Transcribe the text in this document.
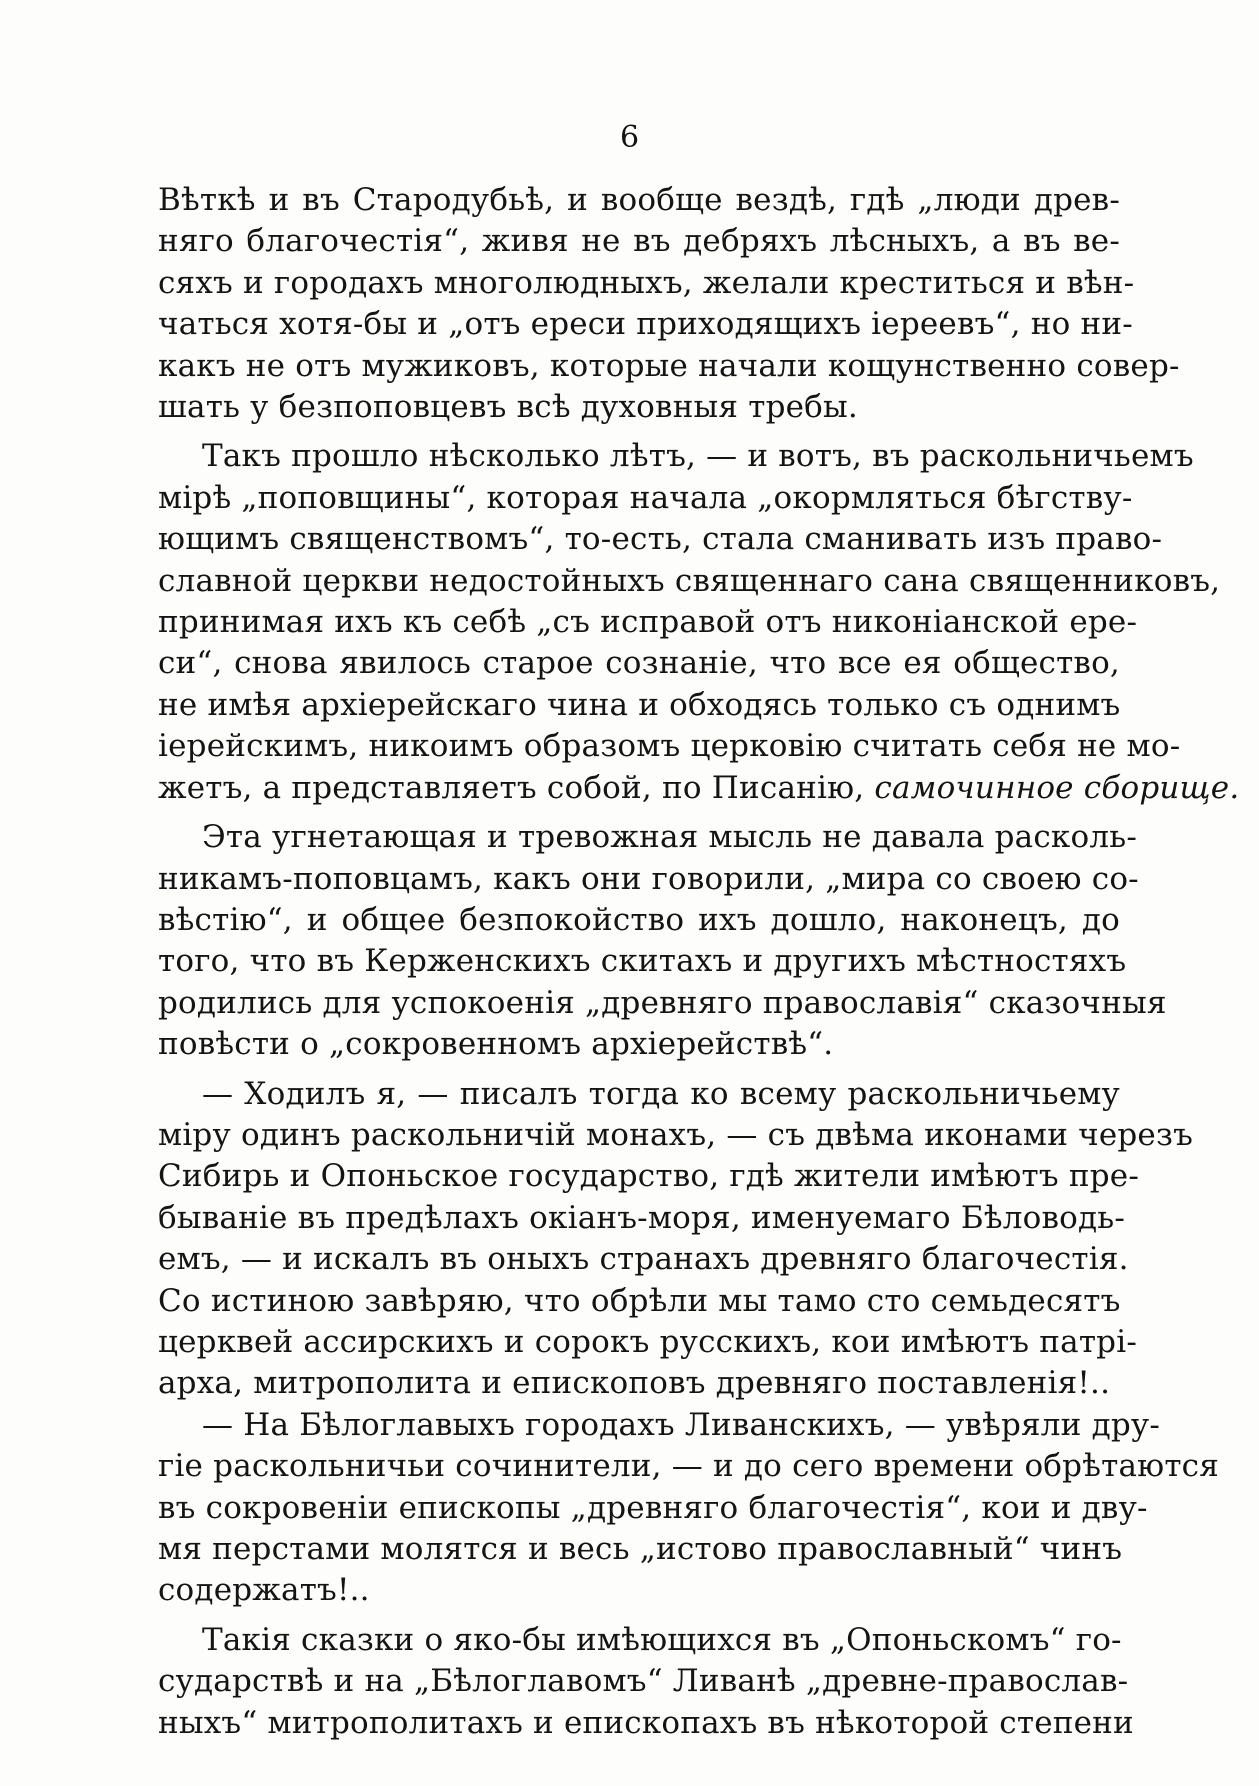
6
Вѣткѣ и въ Стародубьѣ, и вообще вездѣ, гдѣ „люди древ-
няго благочестія“, живя не въ дебряхъ лѣсныхъ, а въ ве-
сяхъ и городахъ многолюдныхъ, желали креститься и вѣн-
чаться хотя-бы и „отъ ереси приходящихъ іереевъ“, но ни-
какъ не отъ мужиковъ, которые начали кощунственно совер-
шать у безпоповцевъ всѣ духовныя требы.
Такъ прошло нѣсколько лѣтъ, — и вотъ, въ раскольничьемъ
мірѣ „поповщины“, которая начала „окормляться бѣгству-
ющимъ священствомъ“, то-есть, стала сманивать изъ право-
славной церкви недостойныхъ священнаго сана священниковъ,
принимая ихъ къ себѣ „съ исправой отъ никоніанской ере-
си“, снова явилось старое сознаніе, что все ея общество,
не имѣя архіерейскаго чина и обходясь только съ однимъ
іерейскимъ, никоимъ образомъ церковію считать себя не мо-
жетъ, а представляетъ собой, по Писанію, самочинное сборище.
Эта угнетающая и тревожная мысль не давала расколь-
никамъ-поповцамъ, какъ они говорили, „мира со своею со-
вѣстію“, и общее безпокойство ихъ дошло, наконецъ, до
того, что въ Керженскихъ скитахъ и другихъ мѣстностяхъ
родились для успокоенія „древняго православія“ сказочныя
повѣсти о „сокровенномъ архіерействѣ“.
— Ходилъ я, — писалъ тогда ко всему раскольничьему
міру одинъ раскольничій монахъ, — съ двѣма иконами черезъ
Сибирь и Опоньское государство, гдѣ жители имѣютъ пре-
бываніе въ предѣлахъ окіанъ-моря, именуемаго Бѣловодь-
емъ, — и искалъ въ оныхъ странахъ древняго благочестія.
Со истиною завѣряю, что обрѣли мы тамо сто семьдесятъ
церквей ассирскихъ и сорокъ русскихъ, кои имѣютъ патрі-
арха, митрополита и епископовъ древняго поставленія!..
— На Бѣлоглавыхъ городахъ Ливанскихъ, — увѣряли дру-
гіе раскольничьи сочинители, — и до сего времени обрѣтаются
въ сокровеніи епископы „древняго благочестія“, кои и дву-
мя перстами молятся и весь „истово православный“ чинъ
содержатъ!..
Такія сказки о яко-бы имѣющихся въ „Опоньскомъ“ го-
сударствѣ и на „Бѣлоглавомъ“ Ливанѣ „древне-православ-
ныхъ“ митрополитахъ и епископахъ въ нѣкоторой степени
